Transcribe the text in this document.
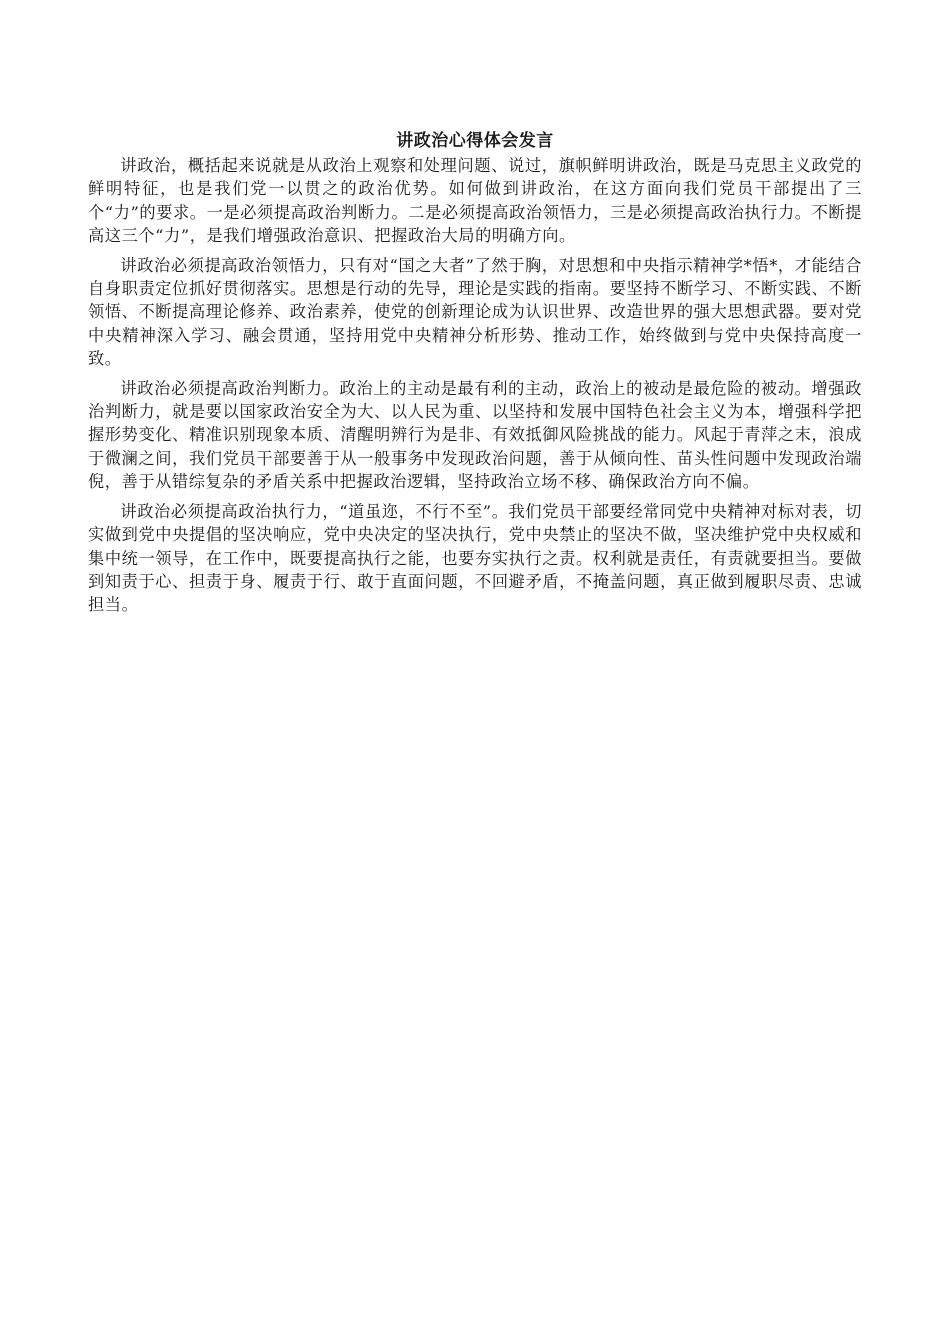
讲政治心得体会发言

讲政治，概括起来说就是从政治上观察和处理问题、说过，旗帜鲜明讲政治，既是马克思主义政党的鲜明特征，也是我们党一以贯之的政治优势。如何做到讲政治，在这方面向我们党员干部提出了三个“力”的要求。一是必须提高政治判断力。二是必须提高政治领悟力，三是必须提高政治执行力。不断提高这三个“力”，是我们增强政治意识、把握政治大局的明确方向。

讲政治必须提高政治领悟力，只有对“国之大者”了然于胸，对思想和中央指示精神学*悟*，才能结合自身职责定位抓好贯彻落实。思想是行动的先导，理论是实践的指南。要坚持不断学习、不断实践、不断领悟、不断提高理论修养、政治素养，使党的创新理论成为认识世界、改造世界的强大思想武器。要对党中央精神深入学习、融会贯通，坚持用党中央精神分析形势、推动工作，始终做到与党中央保持高度一致。

讲政治必须提高政治判断力。政治上的主动是最有利的主动，政治上的被动是最危险的被动。增强政治判断力，就是要以国家政治安全为大、以人民为重、以坚持和发展中国特色社会主义为本，增强科学把握形势变化、精准识别现象本质、清醒明辨行为是非、有效抵御风险挑战的能力。风起于青萍之末，浪成于微澜之间，我们党员干部要善于从一般事务中发现政治问题，善于从倾向性、苗头性问题中发现政治端倪，善于从错综复杂的矛盾关系中把握政治逻辑，坚持政治立场不移、确保政治方向不偏。

讲政治必须提高政治执行力，“道虽迩，不行不至”。我们党员干部要经常同党中央精神对标对表，切实做到党中央提倡的坚决响应，党中央决定的坚决执行，党中央禁止的坚决不做，坚决维护党中央权威和集中统一领导，在工作中，既要提高执行之能，也要夯实执行之责。权利就是责任，有责就要担当。要做到知责于心、担责于身、履责于行、敢于直面问题，不回避矛盾，不掩盖问题，真正做到履职尽责、忠诚担当。
